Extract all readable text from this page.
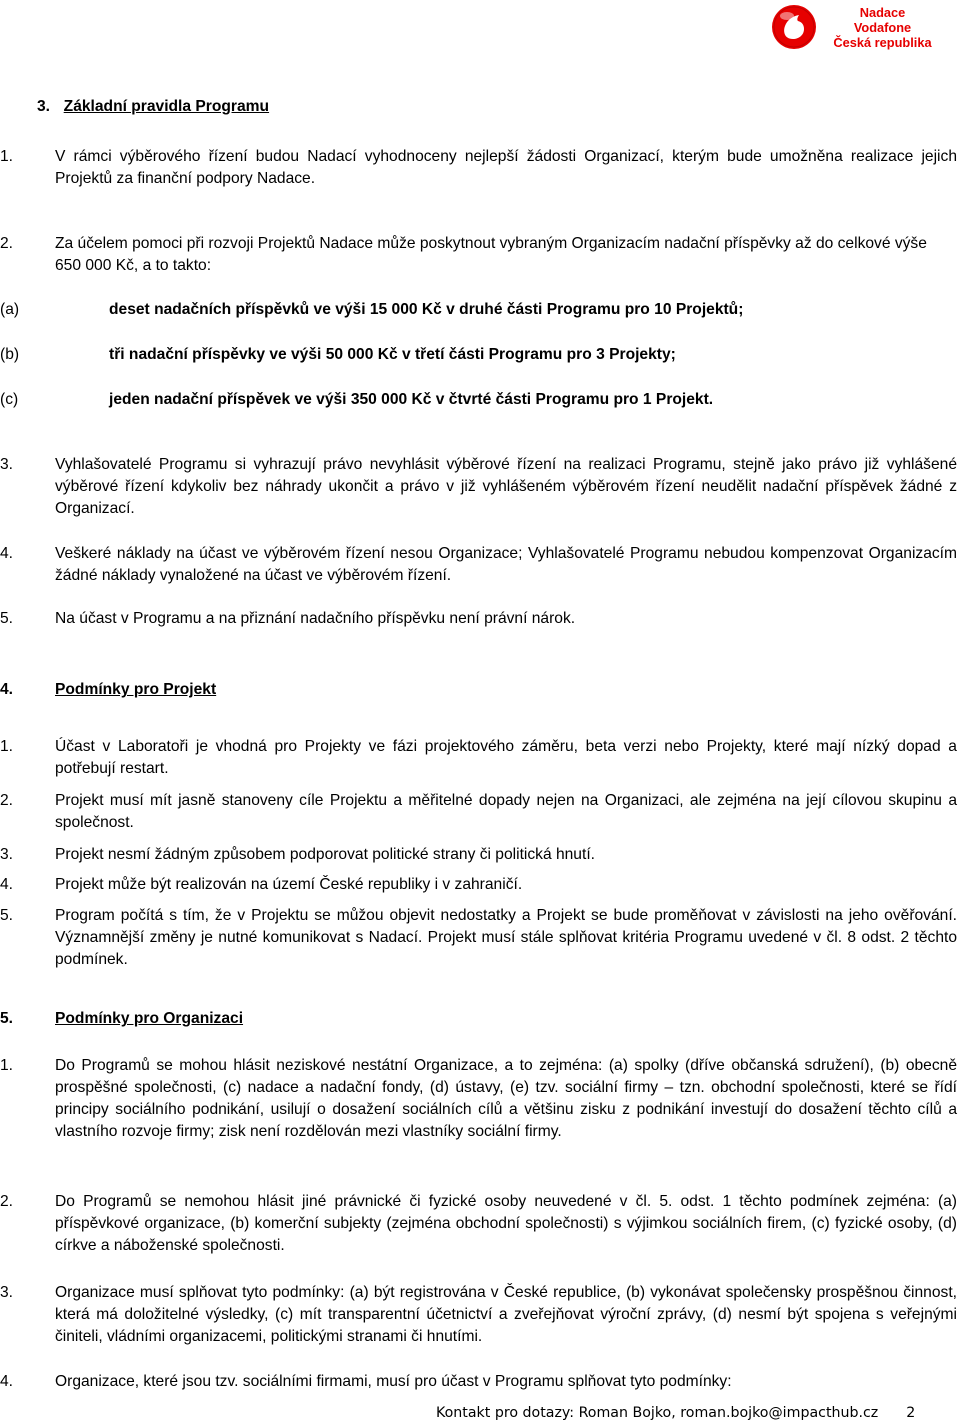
Nadace
Vodafone
Česká republika
3. Základní pravidla Programu
1.	V rámci výběrového řízení budou Nadací vyhodnoceny nejlepší žádosti Organizací, kterým bude umožněna realizace jejich Projektů za finanční podpory Nadace.
2.	Za účelem pomoci při rozvoji Projektů Nadace může poskytnout vybraným Organizacím nadační příspěvky až do celkové výše 650 000 Kč, a to takto:
(a)	deset nadačních příspěvků ve výši 15 000 Kč v druhé části Programu pro 10 Projektů;
(b)	tři nadační příspěvky ve výši 50 000 Kč v třetí části Programu pro 3 Projekty;
(c)	jeden nadační příspěvek ve výši 350 000 Kč v čtvrté části Programu pro 1 Projekt.
3.	Vyhlašovatelé Programu si vyhrazují právo nevyhlásit výběrové řízení na realizaci Programu, stejně jako právo již vyhlášené výběrové řízení kdykoliv bez náhrady ukončit a právo v již vyhlášeném výběrovém řízení neudělit nadační příspěvek žádné z Organizací.
4.	Veškeré náklady na účast ve výběrovém řízení nesou Organizace; Vyhlašovatelé Programu nebudou kompenzovat Organizacím žádné náklady vynaložené na účast ve výběrovém řízení.
5.	Na účast v Programu a na přiznání nadačního příspěvku není právní nárok.
4.	Podmínky pro Projekt
1.	Účast v Laboratoři je vhodná pro Projekty ve fázi projektového záměru, beta verzi nebo Projekty, které mají nízký dopad a potřebují restart.
2.	Projekt musí mít jasně stanoveny cíle Projektu a měřitelné dopady nejen na Organizaci, ale zejména na její cílovou skupinu a společnost.
3.	Projekt nesmí žádným způsobem podporovat politické strany či politická hnutí.
4.	Projekt může být realizován na území České republiky i v zahraničí.
5.	Program počítá s tím, že v Projektu se můžou objevit nedostatky a Projekt se bude proměňovat v závislosti na jeho ověřování. Významnější změny je nutné komunikovat s Nadací. Projekt musí stále splňovat kritéria Programu uvedené v čl. 8 odst. 2 těchto podmínek.
5.	Podmínky pro Organizaci
1.	Do Programů se mohou hlásit neziskové nestátní Organizace, a to zejména: (a) spolky (dříve občanská sdružení), (b) obecně prospěšné společnosti, (c) nadace a nadační fondy, (d) ústavy, (e) tzv. sociální firmy – tzn. obchodní společnosti, které se řídí principy sociálního podnikání, usilují o dosažení sociálních cílů a většinu zisku z podnikání investují do dosažení těchto cílů a vlastního rozvoje firmy; zisk není rozdělován mezi vlastníky sociální firmy.
2.	Do Programů se nemohou hlásit jiné právnické či fyzické osoby neuvedené v čl. 5. odst. 1 těchto podmínek zejména: (a) příspěvkové organizace, (b) komerční subjekty (zejména obchodní společnosti) s výjimkou sociálních firem, (c) fyzické osoby, (d) církve a náboženské společnosti.
3.	Organizace musí splňovat tyto podmínky: (a) být registrována v České republice, (b) vykonávat společensky prospěšnou činnost, která má doložitelné výsledky, (c) mít transparentní účetnictví a zveřejňovat výroční zprávy, (d) nesmí být spojena s veřejnými činiteli, vládními organizacemi, politickými stranami či hnutími.
4.	Organizace, které jsou tzv. sociálními firmami, musí pro účast v Programu splňovat tyto podmínky:
Kontakt pro dotazy: Roman Bojko, roman.bojko@impacthub.cz 2
